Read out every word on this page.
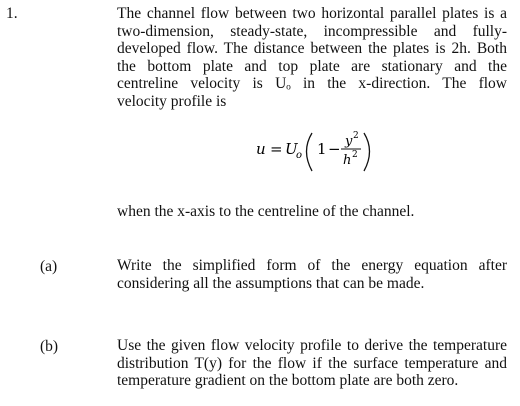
1.	The channel flow between two horizontal parallel plates is a
two-dimension, steady-state, incompressible and fully-
developed flow. The distance between the plates is 2h. Both
the bottom plate and top plate are stationary and the
centreline velocity is Uₒ in the x-direction. The flow
velocity profile is
u = U
o 1 − y 2
h 2
when the x-axis to the centreline of the channel.
(a)	Write the simplified form of the energy equation after
considering all the assumptions that can be made.
(b)	Use the given flow velocity profile to derive the temperature
distribution T(y) for the flow if the surface temperature and
temperature gradient on the bottom plate are both zero.
